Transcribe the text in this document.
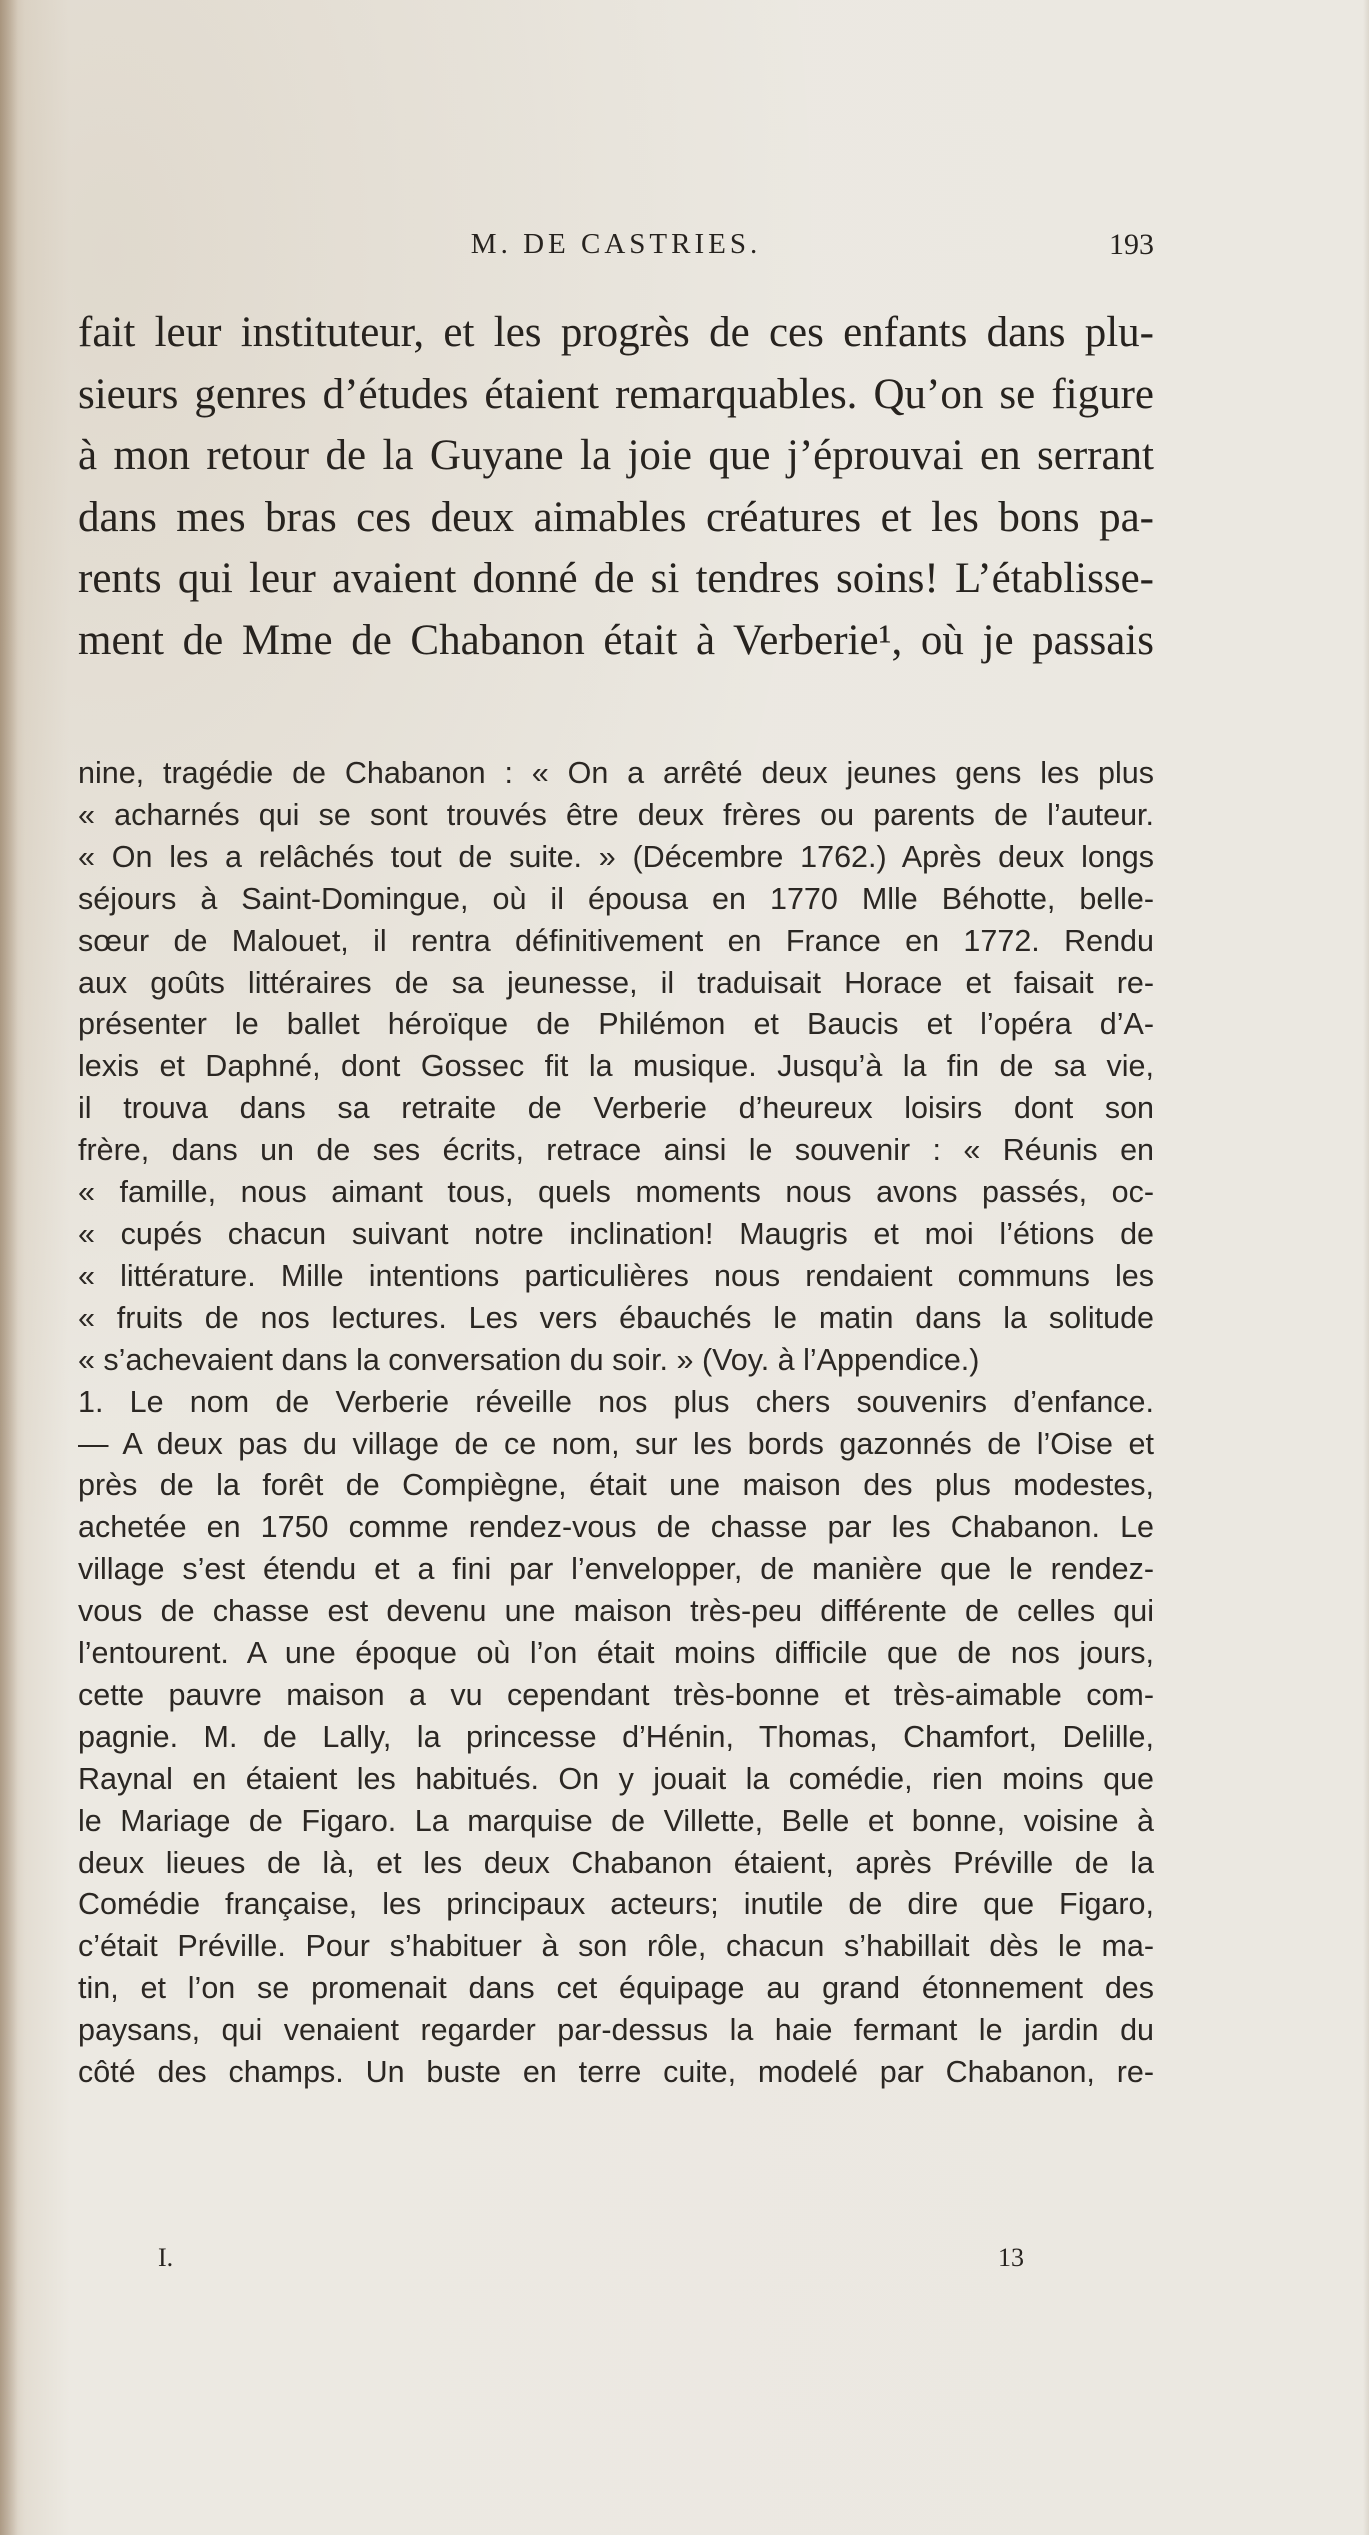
M. DE CASTRIES.	193
fait leur instituteur, et les progrès de ces enfants dans plu-
sieurs genres d’études étaient remarquables. Qu’on se figure
à mon retour de la Guyane la joie que j’éprouvai en serrant
dans mes bras ces deux aimables créatures et les bons pa-
rents qui leur avaient donné de si tendres soins! L’établisse-
ment de Mme de Chabanon était à Verberie¹, où je passais
nine, tragédie de Chabanon : « On a arrêté deux jeunes gens les plus
« acharnés qui se sont trouvés être deux frères ou parents de l’auteur.
« On les a relâchés tout de suite. » (Décembre 1762.) Après deux longs
séjours à Saint-Domingue, où il épousa en 1770 Mlle Béhotte, belle-
sœur de Malouet, il rentra définitivement en France en 1772. Rendu
aux goûts littéraires de sa jeunesse, il traduisait Horace et faisait re-
présenter le ballet héroïque de Philémon et Baucis et l’opéra d’A-
lexis et Daphné, dont Gossec fit la musique. Jusqu’à la fin de sa vie,
il trouva dans sa retraite de Verberie d’heureux loisirs dont son
frère, dans un de ses écrits, retrace ainsi le souvenir : « Réunis en
« famille, nous aimant tous, quels moments nous avons passés, oc-
« cupés chacun suivant notre inclination! Maugris et moi l’étions de
« littérature. Mille intentions particulières nous rendaient communs les
« fruits de nos lectures. Les vers ébauchés le matin dans la solitude
« s’achevaient dans la conversation du soir. » (Voy. à l’Appendice.)
1. Le nom de Verberie réveille nos plus chers souvenirs d’enfance.
— A deux pas du village de ce nom, sur les bords gazonnés de l’Oise et
près de la forêt de Compiègne, était une maison des plus modestes,
achetée en 1750 comme rendez-vous de chasse par les Chabanon. Le
village s’est étendu et a fini par l’envelopper, de manière que le rendez-
vous de chasse est devenu une maison très-peu différente de celles qui
l’entourent. A une époque où l’on était moins difficile que de nos jours,
cette pauvre maison a vu cependant très-bonne et très-aimable com-
pagnie. M. de Lally, la princesse d’Hénin, Thomas, Chamfort, Delille,
Raynal en étaient les habitués. On y jouait la comédie, rien moins que
le Mariage de Figaro. La marquise de Villette, Belle et bonne, voisine à
deux lieues de là, et les deux Chabanon étaient, après Préville de la
Comédie française, les principaux acteurs; inutile de dire que Figaro,
c’était Préville. Pour s’habituer à son rôle, chacun s’habillait dès le ma-
tin, et l’on se promenait dans cet équipage au grand étonnement des
paysans, qui venaient regarder par-dessus la haie fermant le jardin du
côté des champs. Un buste en terre cuite, modelé par Chabanon, re-
I.	13
